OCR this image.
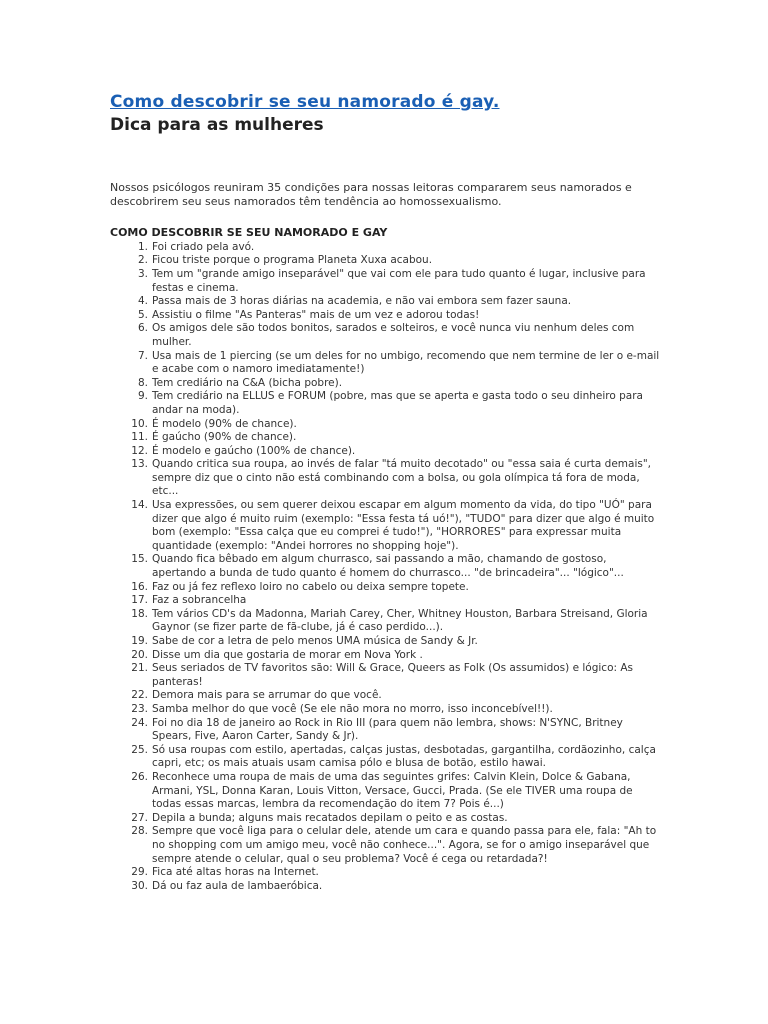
Como descobrir se seu namorado é gay.
Dica para as mulheres

Nossos psicólogos reuniram 35 condições para nossas leitoras compararem seus namorados e descobrirem seu seus namorados têm tendência ao homossexualismo.

COMO DESCOBRIR SE SEU NAMORADO E GAY

1. Foi criado pela avó.
2. Ficou triste porque o programa Planeta Xuxa acabou.
3. Tem um "grande amigo inseparável" que vai com ele para tudo quanto é lugar, inclusive para festas e cinema.
4. Passa mais de 3 horas diárias na academia, e não vai embora sem fazer sauna.
5. Assistiu o filme "As Panteras" mais de um vez e adorou todas!
6. Os amigos dele são todos bonitos, sarados e solteiros, e você nunca viu nenhum deles com mulher.
7. Usa mais de 1 piercing (se um deles for no umbigo, recomendo que nem termine de ler o e-mail e acabe com o namoro imediatamente!)
8. Tem crediário na C&A (bicha pobre).
9. Tem crediário na ELLUS e FORUM (pobre, mas que se aperta e gasta todo o seu dinheiro para andar na moda).
10. É modelo (90% de chance).
11. É gaúcho (90% de chance).
12. É modelo e gaúcho (100% de chance).
13. Quando critica sua roupa, ao invés de falar "tá muito decotado" ou "essa saia é curta demais", sempre diz que o cinto não está combinando com a bolsa, ou gola olímpica tá fora de moda, etc...
14. Usa expressões, ou sem querer deixou escapar em algum momento da vida, do tipo "UÓ" para dizer que algo é muito ruim (exemplo: "Essa festa tá uó!"), "TUDO" para dizer que algo é muito bom (exemplo: "Essa calça que eu comprei é tudo!"), "HORRORES" para expressar muita quantidade (exemplo: "Andei horrores no shopping hoje").
15. Quando fica bêbado em algum churrasco, sai passando a mão, chamando de gostoso, apertando a bunda de tudo quanto é homem do churrasco... "de brincadeira"... "lógico"...
16. Faz ou já fez reflexo loiro no cabelo ou deixa sempre topete.
17. Faz a sobrancelha
18. Tem vários CD's da Madonna, Mariah Carey, Cher, Whitney Houston, Barbara Streisand, Gloria Gaynor (se fizer parte de fã-clube, já é caso perdido...).
19. Sabe de cor a letra de pelo menos UMA música de Sandy & Jr.
20. Disse um dia que gostaria de morar em Nova York .
21. Seus seriados de TV favoritos são: Will & Grace, Queers as Folk (Os assumidos) e lógico: As panteras!
22. Demora mais para se arrumar do que você.
23. Samba melhor do que você (Se ele não mora no morro, isso inconcebível!!).
24. Foi no dia 18 de janeiro ao Rock in Rio III (para quem não lembra, shows: N'SYNC, Britney Spears, Five, Aaron Carter, Sandy & Jr).
25. Só usa roupas com estilo, apertadas, calças justas, desbotadas, gargantilha, cordãozinho, calça capri, etc; os mais atuais usam camisa pólo e blusa de botão, estilo hawai.
26. Reconhece uma roupa de mais de uma das seguintes grifes: Calvin Klein, Dolce & Gabana, Armani, YSL, Donna Karan, Louis Vitton, Versace, Gucci, Prada. (Se ele TIVER uma roupa de todas essas marcas, lembra da recomendação do item 7? Pois é...)
27. Depila a bunda; alguns mais recatados depilam o peito e as costas.
28. Sempre que você liga para o celular dele, atende um cara e quando passa para ele, fala: "Ah to no shopping com um amigo meu, você não conhece...". Agora, se for o amigo inseparável que sempre atende o celular, qual o seu problema? Você é cega ou retardada?!
29. Fica até altas horas na Internet.
30. Dá ou faz aula de lambaeróbica.
